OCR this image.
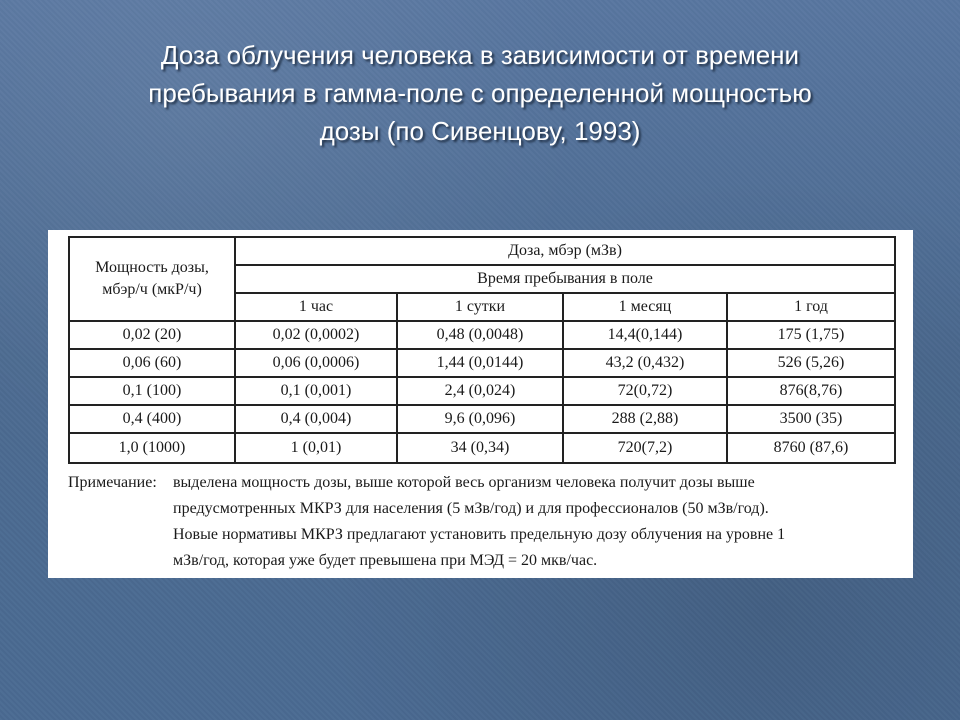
Доза облучения человека в зависимости от времени
пребывания в гамма-поле с определенной мощностью
дозы (по Сивенцову, 1993)
Мощность дозы,
мбэр/ч (мкР/ч)	Доза, мбэр (мЗв)			
	Время пребывания в поле			
	1 час	1 сутки	1 месяц	1 год
0,02 (20)	0,02 (0,0002)	0,48 (0,0048)	14,4(0,144)	175 (1,75)
0,06 (60)	0,06 (0,0006)	1,44 (0,0144)	43,2 (0,432)	526 (5,26)
0,1 (100)	0,1 (0,001)	2,4 (0,024)	72(0,72)	876(8,76)
0,4 (400)	0,4 (0,004)	9,6 (0,096)	288 (2,88)	3500 (35)
1,0 (1000)	1 (0,01)	34 (0,34)	720(7,2)	8760 (87,6)
Примечание:	выделена мощность дозы, выше которой весь организм человека получит дозы выше
предусмотренных МКРЗ для населения (5 мЗв/год) и для профессионалов (50 мЗв/год).
Новые нормативы МКРЗ предлагают установить предельную дозу облучения на уровне 1
мЗв/год, которая уже будет превышена при МЭД = 20 мкв/час.
